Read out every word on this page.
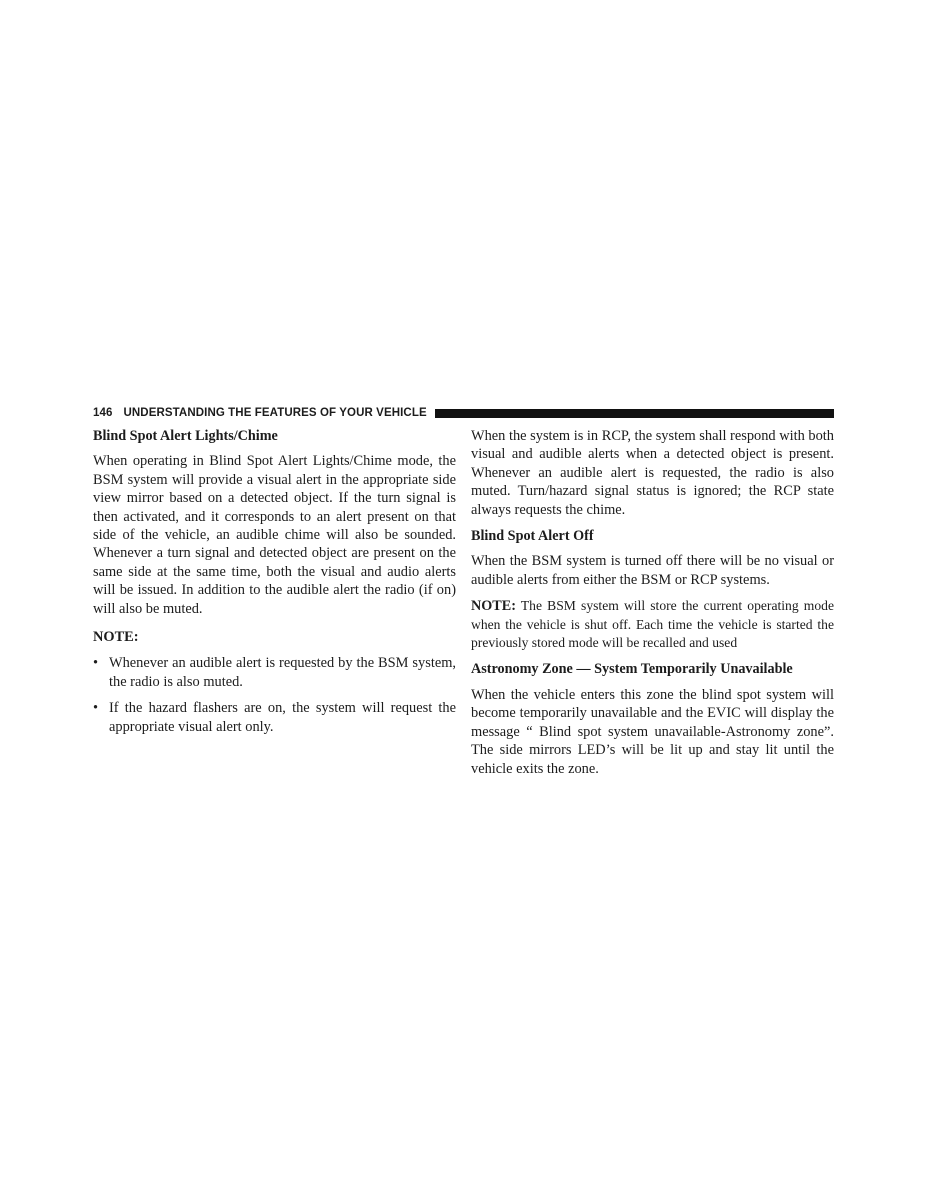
146 UNDERSTANDING THE FEATURES OF YOUR VEHICLE

Blind Spot Alert Lights/Chime

When operating in Blind Spot Alert Lights/Chime mode, the BSM system will provide a visual alert in the appropriate side view mirror based on a detected object. If the turn signal is then activated, and it corresponds to an alert present on that side of the vehicle, an audible chime will also be sounded. Whenever a turn signal and detected object are present on the same side at the same time, both the visual and audio alerts will be issued. In addition to the audible alert the radio (if on) will also be muted.

NOTE:

• Whenever an audible alert is requested by the BSM system, the radio is also muted.
• If the hazard flashers are on, the system will request the appropriate visual alert only.

When the system is in RCP, the system shall respond with both visual and audible alerts when a detected object is present. Whenever an audible alert is requested, the radio is also muted. Turn/hazard signal status is ignored; the RCP state always requests the chime.

Blind Spot Alert Off

When the BSM system is turned off there will be no visual or audible alerts from either the BSM or RCP systems.

NOTE: The BSM system will store the current operating mode when the vehicle is shut off. Each time the vehicle is started the previously stored mode will be recalled and used

Astronomy Zone — System Temporarily Unavailable

When the vehicle enters this zone the blind spot system will become temporarily unavailable and the EVIC will display the message “ Blind spot system unavailable-Astronomy zone”. The side mirrors LED’s will be lit up and stay lit until the vehicle exits the zone.
